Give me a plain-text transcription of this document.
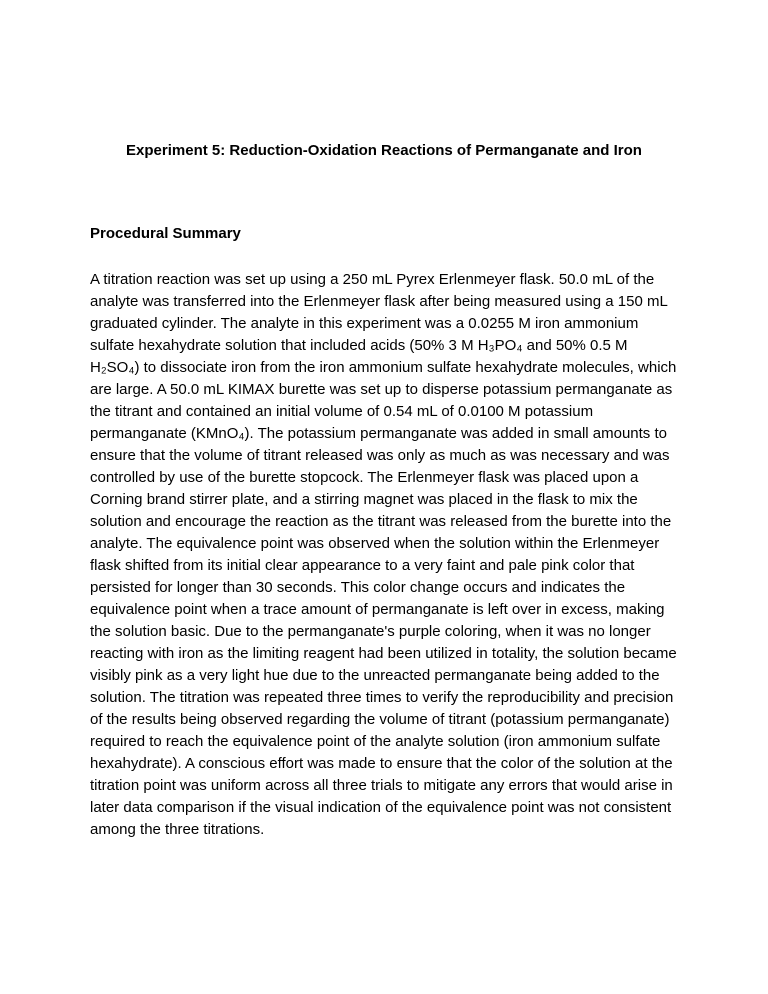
Experiment 5: Reduction-Oxidation Reactions of Permanganate and Iron
Procedural Summary
A titration reaction was set up using a 250 mL Pyrex Erlenmeyer flask. 50.0 mL of the analyte was transferred into the Erlenmeyer flask after being measured using a 150 mL graduated cylinder. The analyte in this experiment was a 0.0255 M iron ammonium sulfate hexahydrate solution that included acids (50% 3 M H₃PO₄ and 50% 0.5 M H₂SO₄) to dissociate iron from the iron ammonium sulfate hexahydrate molecules, which are large. A 50.0 mL KIMAX burette was set up to disperse potassium permanganate as the titrant and contained an initial volume of 0.54 mL of 0.0100 M potassium permanganate (KMnO₄). The potassium permanganate was added in small amounts to ensure that the volume of titrant released was only as much as was necessary and was controlled by use of the burette stopcock. The Erlenmeyer flask was placed upon a Corning brand stirrer plate, and a stirring magnet was placed in the flask to mix the solution and encourage the reaction as the titrant was released from the burette into the analyte. The equivalence point was observed when the solution within the Erlenmeyer flask shifted from its initial clear appearance to a very faint and pale pink color that persisted for longer than 30 seconds. This color change occurs and indicates the equivalence point when a trace amount of permanganate is left over in excess, making the solution basic. Due to the permanganate's purple coloring, when it was no longer reacting with iron as the limiting reagent had been utilized in totality, the solution became visibly pink as a very light hue due to the unreacted permanganate being added to the solution. The titration was repeated three times to verify the reproducibility and precision of the results being observed regarding the volume of titrant (potassium permanganate) required to reach the equivalence point of the analyte solution (iron ammonium sulfate hexahydrate). A conscious effort was made to ensure that the color of the solution at the titration point was uniform across all three trials to mitigate any errors that would arise in later data comparison if the visual indication of the equivalence point was not consistent among the three titrations.
